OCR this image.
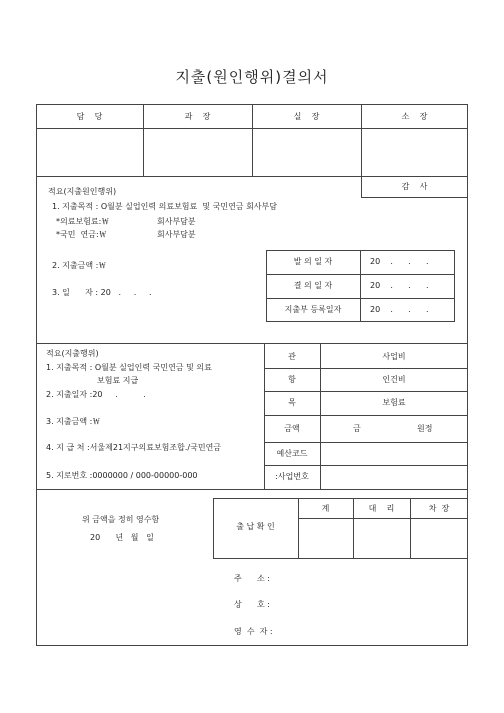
지출(원인행위)결의서
담    당	과    장	실    장	소    장
감    사
적요(지출원인행위)
1. 지출목적 : O월분 실업인력 의료보험료  및 국민연금 회사부담
*의료보험료:￦	회사부담분
*국민  연금:￦	회사부담분
2. 지출금액 :￦
3. 일      자 : 20   .     .     .
발 의 일 자	20    .      .      .
결 의 일 자	20    .      .      .
지출부 등록일자	20    .      .      .
적요(지출행위)
1. 지출목적 : O월분 실업인력 국민연금 및 의료
보험료 지급
2. 지출일자 :20     .          .
3. 지출금액 :￦
4. 지 급 처 :서울제21지구의료보험조합./국민연금
5. 지로번호 :0000000 / 000-00000-000
관	사업비
항	인건비
목	보험료
금액	금	원정
예산코드
:사업번호
위 금액을 정히 영수함
20      년   월   일
출 납 확 인
계	대    리	차  장
주      소 :
상      호 :
영  수  자 :
